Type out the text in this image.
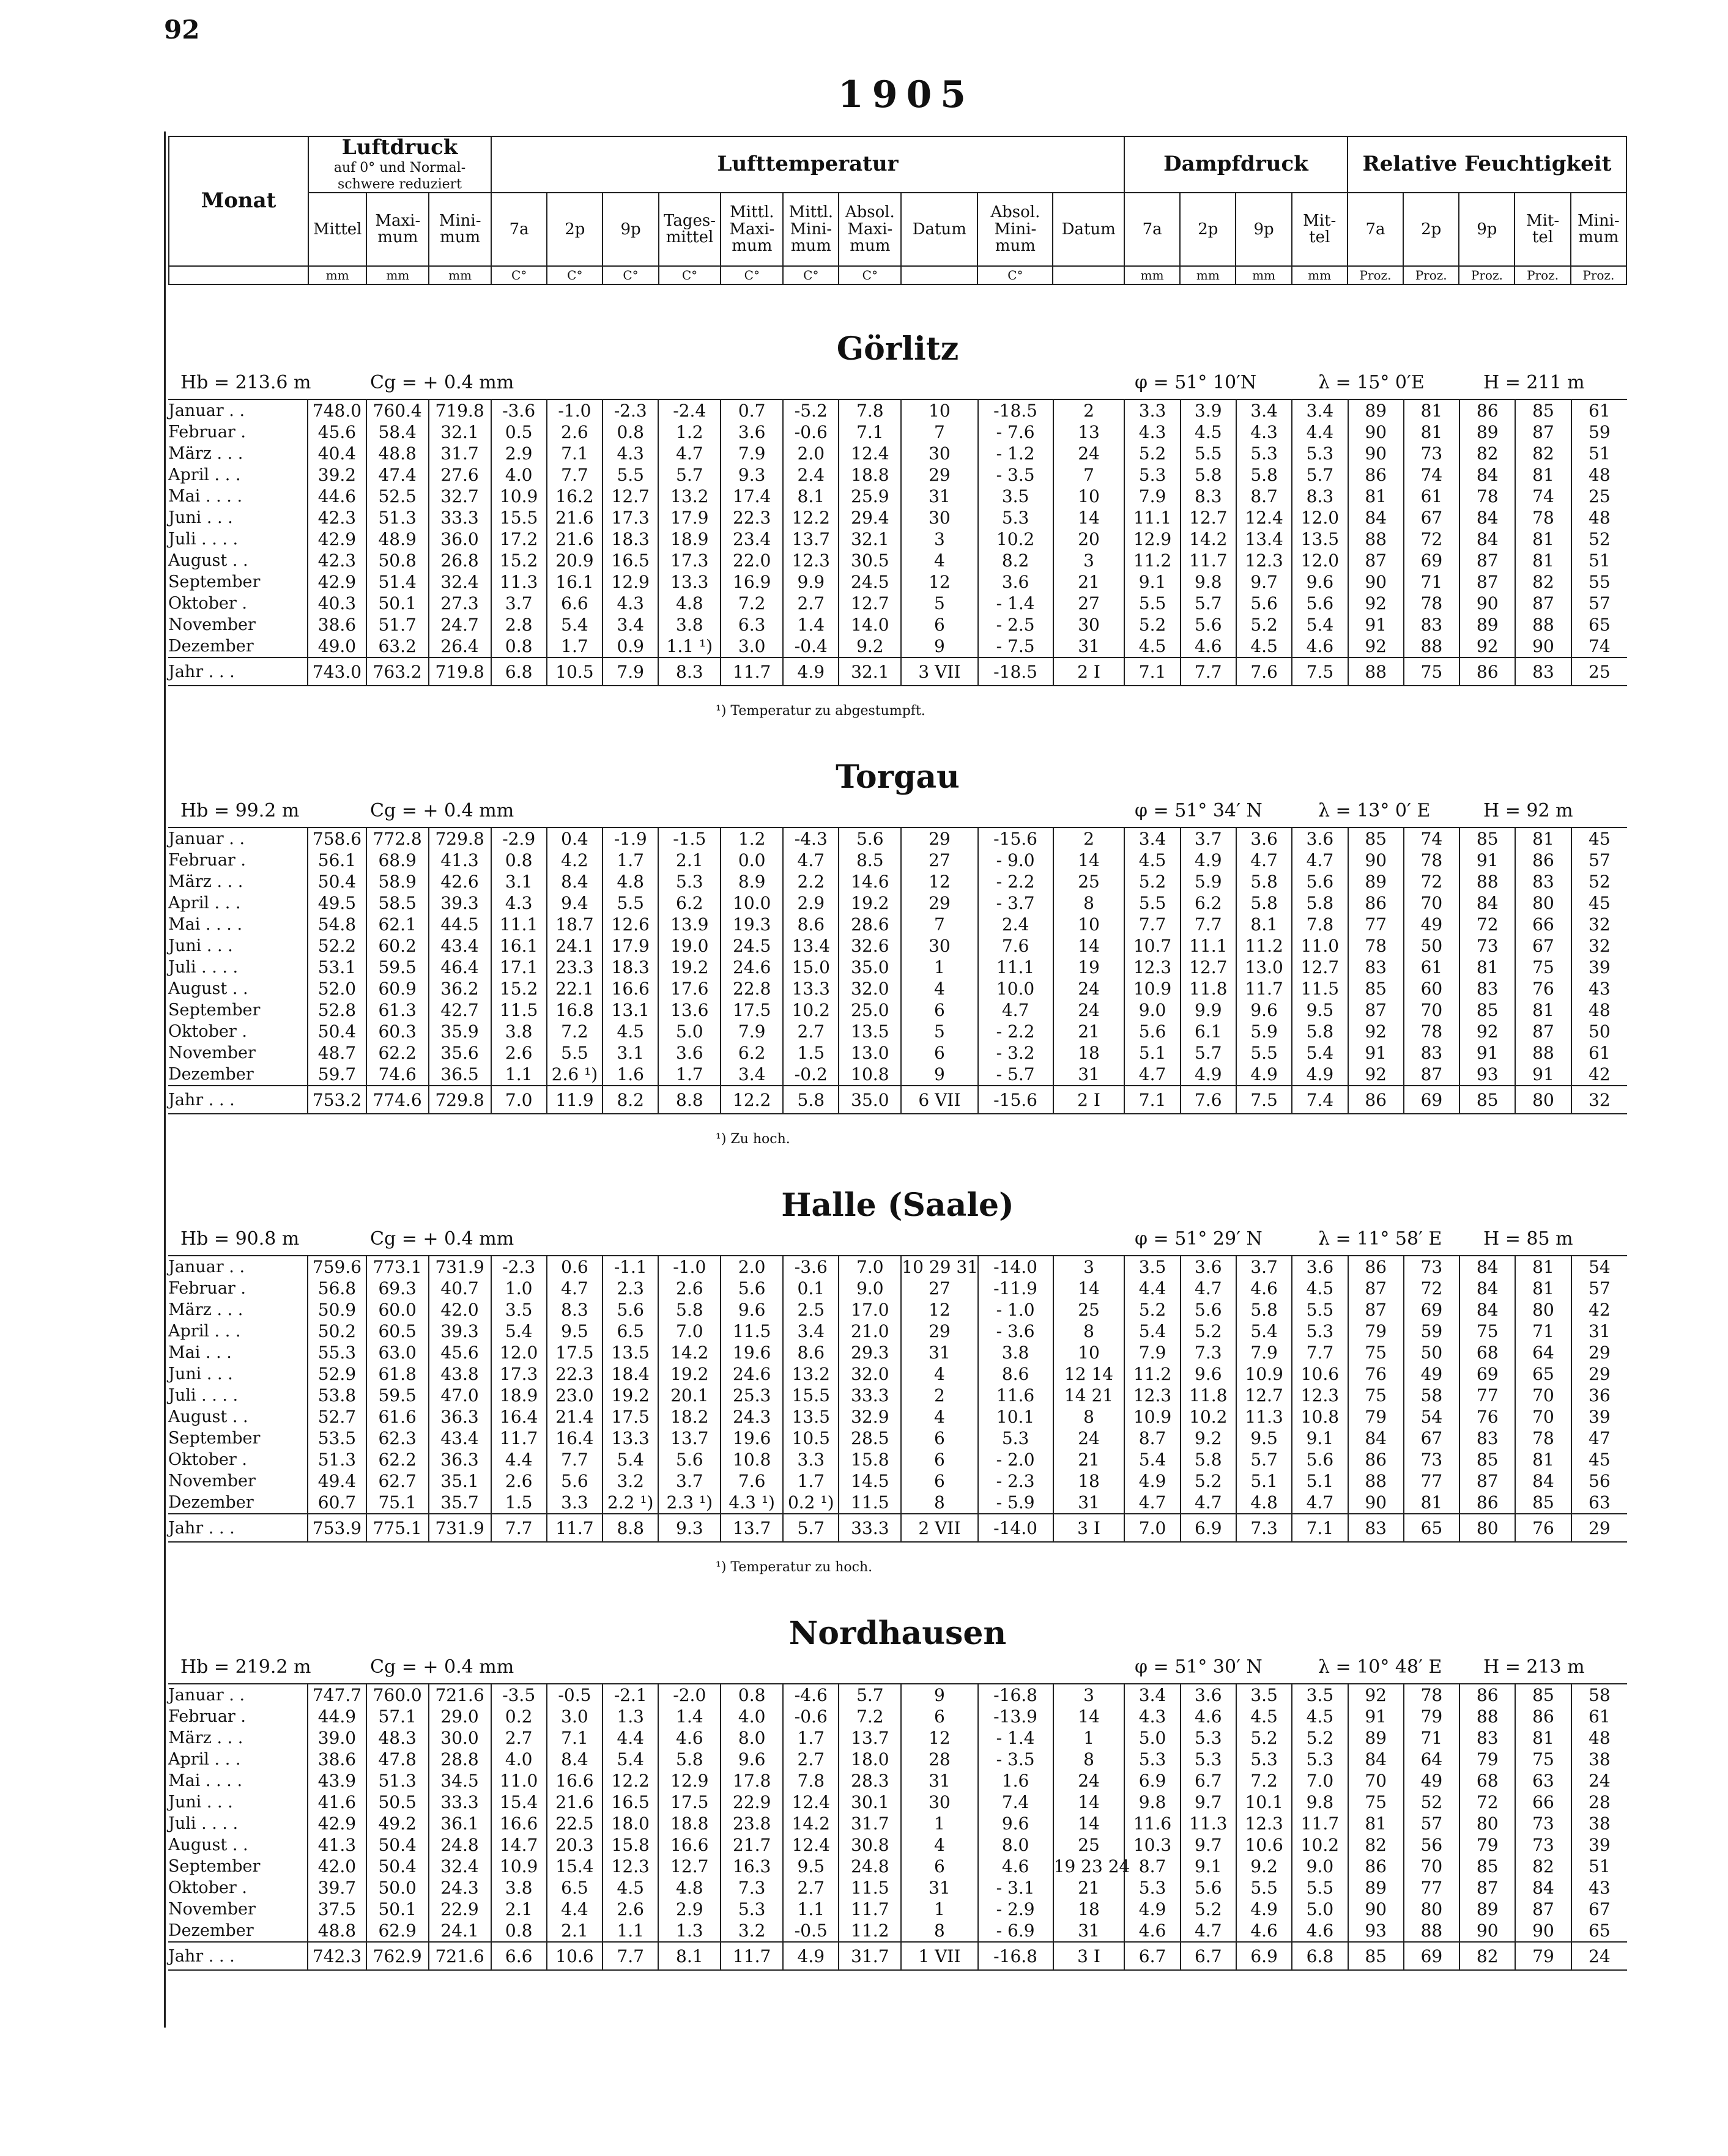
92
1905
Monat	Luftdruck
auf 0° und Normal-schwere reduziert			Lufttemperatur										Dampfdruck				Relative Feuchtigkeit				
	Mittel	Maxi-mum	Mini-mum	7a	2p	9p	Tages-mittel	Mittl. Maxi-mum	Mittl. Mini-mum	Absol. Maxi-mum	Datum	Absol. Mini-mum	Datum	7a	2p	9p	Mit-tel	7a	2p	9p	Mit-tel	Mini-mum
	mm	mm	mm	C°	C°	C°	C°	C°	C°	C°		C°		mm	mm	mm	mm	Proz.	Proz.	Proz.	Proz.	Proz.
Görlitz
Hb = 213.6 m	Cg = + 0.4 mm	φ = 51° 10′N	λ = 15° 0′E	H = 211 m
Januar . .	748.0	760.4	719.8	-3.6	-1.0	-2.3	-2.4	0.7	-5.2	7.8	10	-18.5	2	3.3	3.9	3.4	3.4	89	81	86	85	61
Februar .	45.6	58.4	32.1	0.5	2.6	0.8	1.2	3.6	-0.6	7.1	7	- 7.6	13	4.3	4.5	4.3	4.4	90	81	89	87	59
März . . .	40.4	48.8	31.7	2.9	7.1	4.3	4.7	7.9	2.0	12.4	30	- 1.2	24	5.2	5.5	5.3	5.3	90	73	82	82	51
April . . .	39.2	47.4	27.6	4.0	7.7	5.5	5.7	9.3	2.4	18.8	29	- 3.5	7	5.3	5.8	5.8	5.7	86	74	84	81	48
Mai . . . .	44.6	52.5	32.7	10.9	16.2	12.7	13.2	17.4	8.1	25.9	31	3.5	10	7.9	8.3	8.7	8.3	81	61	78	74	25
Juni . . .	42.3	51.3	33.3	15.5	21.6	17.3	17.9	22.3	12.2	29.4	30	5.3	14	11.1	12.7	12.4	12.0	84	67	84	78	48
Juli . . . .	42.9	48.9	36.0	17.2	21.6	18.3	18.9	23.4	13.7	32.1	3	10.2	20	12.9	14.2	13.4	13.5	88	72	84	81	52
August . .	42.3	50.8	26.8	15.2	20.9	16.5	17.3	22.0	12.3	30.5	4	8.2	3	11.2	11.7	12.3	12.0	87	69	87	81	51
September	42.9	51.4	32.4	11.3	16.1	12.9	13.3	16.9	9.9	24.5	12	3.6	21	9.1	9.8	9.7	9.6	90	71	87	82	55
Oktober .	40.3	50.1	27.3	3.7	6.6	4.3	4.8	7.2	2.7	12.7	5	- 1.4	27	5.5	5.7	5.6	5.6	92	78	90	87	57
November	38.6	51.7	24.7	2.8	5.4	3.4	3.8	6.3	1.4	14.0	6	- 2.5	30	5.2	5.6	5.2	5.4	91	83	89	88	65
Dezember	49.0	63.2	26.4	0.8	1.7	0.9	1.1 ¹)	3.0	-0.4	9.2	9	- 7.5	31	4.5	4.6	4.5	4.6	92	88	92	90	74
Jahr . . .	743.0	763.2	719.8	6.8	10.5	7.9	8.3	11.7	4.9	32.1	3 VII	-18.5	2 I	7.1	7.7	7.6	7.5	88	75	86	83	25
¹) Temperatur zu abgestumpft.
Torgau
Hb = 99.2 m	Cg = + 0.4 mm	φ = 51° 34′ N	λ = 13° 0′ E	H = 92 m
Januar . .	758.6	772.8	729.8	-2.9	0.4	-1.9	-1.5	1.2	-4.3	5.6	29	-15.6	2	3.4	3.7	3.6	3.6	85	74	85	81	45
Februar .	56.1	68.9	41.3	0.8	4.2	1.7	2.1	0.0	4.7	8.5	27	- 9.0	14	4.5	4.9	4.7	4.7	90	78	91	86	57
März . . .	50.4	58.9	42.6	3.1	8.4	4.8	5.3	8.9	2.2	14.6	12	- 2.2	25	5.2	5.9	5.8	5.6	89	72	88	83	52
April . . .	49.5	58.5	39.3	4.3	9.4	5.5	6.2	10.0	2.9	19.2	29	- 3.7	8	5.5	6.2	5.8	5.8	86	70	84	80	45
Mai . . . .	54.8	62.1	44.5	11.1	18.7	12.6	13.9	19.3	8.6	28.6	7	2.4	10	7.7	7.7	8.1	7.8	77	49	72	66	32
Juni . . .	52.2	60.2	43.4	16.1	24.1	17.9	19.0	24.5	13.4	32.6	30	7.6	14	10.7	11.1	11.2	11.0	78	50	73	67	32
Juli . . . .	53.1	59.5	46.4	17.1	23.3	18.3	19.2	24.6	15.0	35.0	1	11.1	19	12.3	12.7	13.0	12.7	83	61	81	75	39
August . .	52.0	60.9	36.2	15.2	22.1	16.6	17.6	22.8	13.3	32.0	4	10.0	24	10.9	11.8	11.7	11.5	85	60	83	76	43
September	52.8	61.3	42.7	11.5	16.8	13.1	13.6	17.5	10.2	25.0	6	4.7	24	9.0	9.9	9.6	9.5	87	70	85	81	48
Oktober .	50.4	60.3	35.9	3.8	7.2	4.5	5.0	7.9	2.7	13.5	5	- 2.2	21	5.6	6.1	5.9	5.8	92	78	92	87	50
November	48.7	62.2	35.6	2.6	5.5	3.1	3.6	6.2	1.5	13.0	6	- 3.2	18	5.1	5.7	5.5	5.4	91	83	91	88	61
Dezember	59.7	74.6	36.5	1.1	2.6 ¹)	1.6	1.7	3.4	-0.2	10.8	9	- 5.7	31	4.7	4.9	4.9	4.9	92	87	93	91	42
Jahr . . .	753.2	774.6	729.8	7.0	11.9	8.2	8.8	12.2	5.8	35.0	6 VII	-15.6	2 I	7.1	7.6	7.5	7.4	86	69	85	80	32
¹) Zu hoch.
Halle (Saale)
Hb = 90.8 m	Cg = + 0.4 mm	φ = 51° 29′ N	λ = 11° 58′ E H = 85 m
Januar . .	759.6	773.1	731.9	-2.3	0.6	-1.1	-1.0	2.0	-3.6	7.0	10 29 31	-14.0	3	3.5	3.6	3.7	3.6	86	73	84	81	54
Februar .	56.8	69.3	40.7	1.0	4.7	2.3	2.6	5.6	0.1	9.0	27	-11.9	14	4.4	4.7	4.6	4.5	87	72	84	81	57
März . . .	50.9	60.0	42.0	3.5	8.3	5.6	5.8	9.6	2.5	17.0	12	- 1.0	25	5.2	5.6	5.8	5.5	87	69	84	80	42
April . . .	50.2	60.5	39.3	5.4	9.5	6.5	7.0	11.5	3.4	21.0	29	- 3.6	8	5.4	5.2	5.4	5.3	79	59	75	71	31
Mai . . .	55.3	63.0	45.6	12.0	17.5	13.5	14.2	19.6	8.6	29.3	31	3.8	10	7.9	7.3	7.9	7.7	75	50	68	64	29
Juni . . .	52.9	61.8	43.8	17.3	22.3	18.4	19.2	24.6	13.2	32.0	4	8.6	12 14	11.2	9.6	10.9	10.6	76	49	69	65	29
Juli . . . .	53.8	59.5	47.0	18.9	23.0	19.2	20.1	25.3	15.5	33.3	2	11.6	14 21	12.3	11.8	12.7	12.3	75	58	77	70	36
August . .	52.7	61.6	36.3	16.4	21.4	17.5	18.2	24.3	13.5	32.9	4	10.1	8	10.9	10.2	11.3	10.8	79	54	76	70	39
September	53.5	62.3	43.4	11.7	16.4	13.3	13.7	19.6	10.5	28.5	6	5.3	24	8.7	9.2	9.5	9.1	84	67	83	78	47
Oktober .	51.3	62.2	36.3	4.4	7.7	5.4	5.6	10.8	3.3	15.8	6	- 2.0	21	5.4	5.8	5.7	5.6	86	73	85	81	45
November	49.4	62.7	35.1	2.6	5.6	3.2	3.7	7.6	1.7	14.5	6	- 2.3	18	4.9	5.2	5.1	5.1	88	77	87	84	56
Dezember	60.7	75.1	35.7	1.5	3.3	2.2 ¹)	2.3 ¹)	4.3 ¹)	0.2 ¹)	11.5	8	- 5.9	31	4.7	4.7	4.8	4.7	90	81	86	85	63
Jahr . . .	753.9	775.1	731.9	7.7	11.7	8.8	9.3	13.7	5.7	33.3	2 VII	-14.0	3 I	7.0	6.9	7.3	7.1	83	65	80	76	29
¹) Temperatur zu hoch.
Nordhausen
Hb = 219.2 m	Cg = + 0.4 mm	φ = 51° 30′ N	λ = 10° 48′ E H = 213 m
Januar . .	747.7	760.0	721.6	-3.5	-0.5	-2.1	-2.0	0.8	-4.6	5.7	9	-16.8	3	3.4	3.6	3.5	3.5	92	78	86	85	58
Februar .	44.9	57.1	29.0	0.2	3.0	1.3	1.4	4.0	-0.6	7.2	6	-13.9	14	4.3	4.6	4.5	4.5	91	79	88	86	61
März . . .	39.0	48.3	30.0	2.7	7.1	4.4	4.6	8.0	1.7	13.7	12	- 1.4	1	5.0	5.3	5.2	5.2	89	71	83	81	48
April . . .	38.6	47.8	28.8	4.0	8.4	5.4	5.8	9.6	2.7	18.0	28	- 3.5	8	5.3	5.3	5.3	5.3	84	64	79	75	38
Mai . . . .	43.9	51.3	34.5	11.0	16.6	12.2	12.9	17.8	7.8	28.3	31	1.6	24	6.9	6.7	7.2	7.0	70	49	68	63	24
Juni . . .	41.6	50.5	33.3	15.4	21.6	16.5	17.5	22.9	12.4	30.1	30	7.4	14	9.8	9.7	10.1	9.8	75	52	72	66	28
Juli . . . .	42.9	49.2	36.1	16.6	22.5	18.0	18.8	23.8	14.2	31.7	1	9.6	14	11.6	11.3	12.3	11.7	81	57	80	73	38
August . .	41.3	50.4	24.8	14.7	20.3	15.8	16.6	21.7	12.4	30.8	4	8.0	25	10.3	9.7	10.6	10.2	82	56	79	73	39
September	42.0	50.4	32.4	10.9	15.4	12.3	12.7	16.3	9.5	24.8	6	4.6	19 23 24	8.7	9.1	9.2	9.0	86	70	85	82	51
Oktober .	39.7	50.0	24.3	3.8	6.5	4.5	4.8	7.3	2.7	11.5	31	- 3.1	21	5.3	5.6	5.5	5.5	89	77	87	84	43
November	37.5	50.1	22.9	2.1	4.4	2.6	2.9	5.3	1.1	11.7	1	- 2.9	18	4.9	5.2	4.9	5.0	90	80	89	87	67
Dezember	48.8	62.9	24.1	0.8	2.1	1.1	1.3	3.2	-0.5	11.2	8	- 6.9	31	4.6	4.7	4.6	4.6	93	88	90	90	65
Jahr . . .	742.3	762.9	721.6	6.6	10.6	7.7	8.1	11.7	4.9	31.7	1 VII	-16.8	3 I	6.7	6.7	6.9	6.8	85	69	82	79	24
